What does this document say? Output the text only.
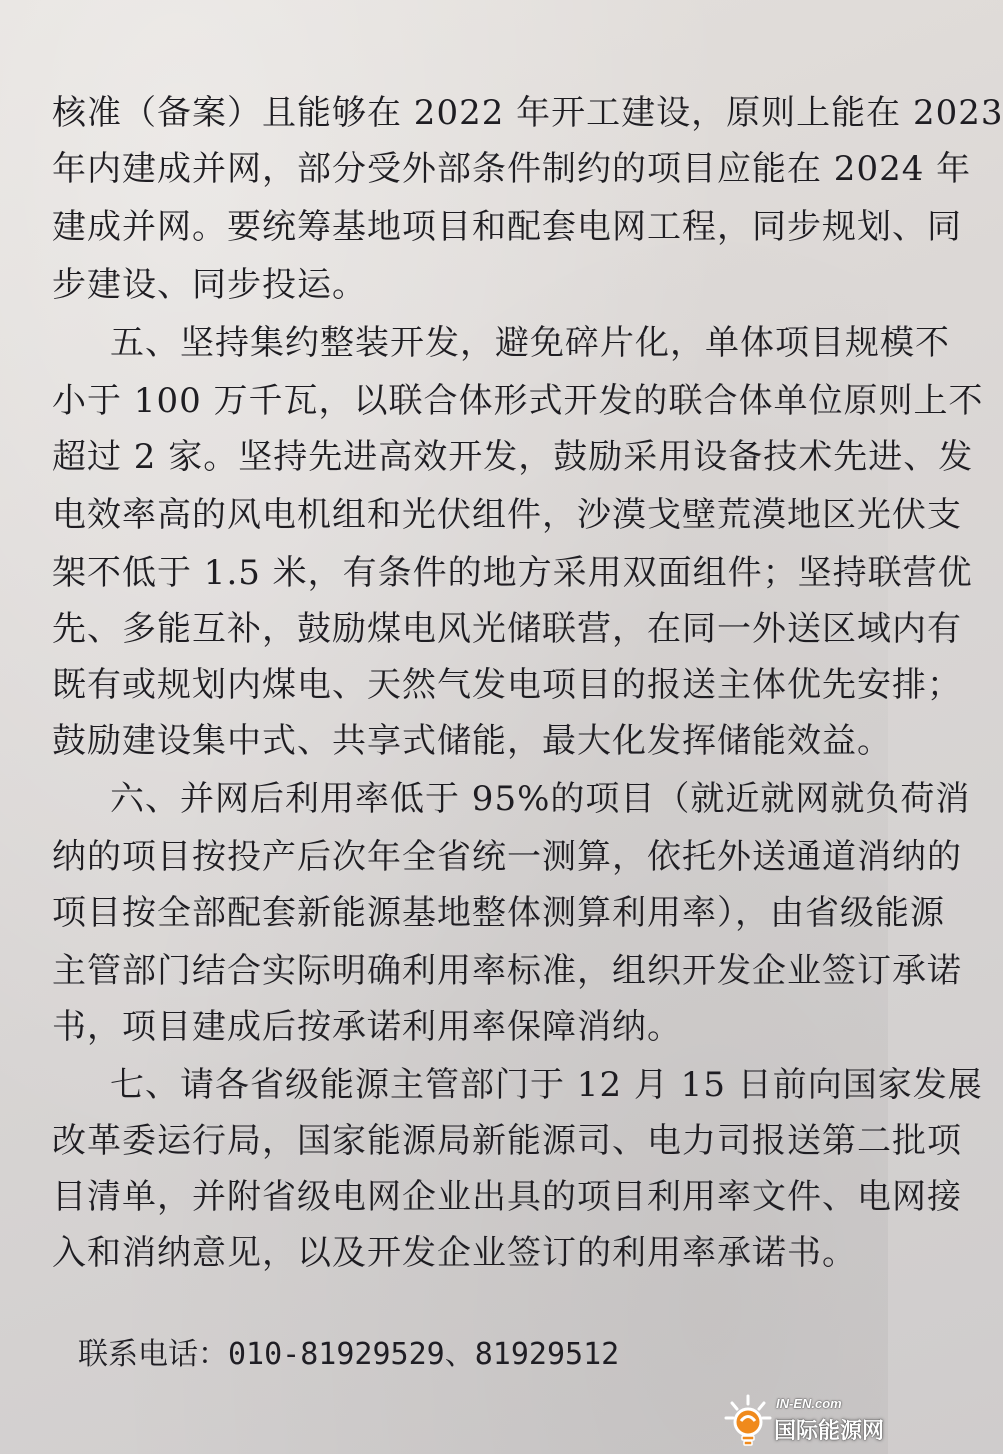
核准（备案）且能够在 2022 年开工建设，原则上能在 2023
年内建成并网，部分受外部条件制约的项目应能在 2024 年
建成并网。要统筹基地项目和配套电网工程，同步规划、同
步建设、同步投运。
五、坚持集约整装开发，避免碎片化，单体项目规模不
小于 100 万千瓦，以联合体形式开发的联合体单位原则上不
超过 2 家。坚持先进高效开发，鼓励采用设备技术先进、发
电效率高的风电机组和光伏组件，沙漠戈壁荒漠地区光伏支
架不低于 1.5 米，有条件的地方采用双面组件；坚持联营优
先、多能互补，鼓励煤电风光储联营，在同一外送区域内有
既有或规划内煤电、天然气发电项目的报送主体优先安排；
鼓励建设集中式、共享式储能，最大化发挥储能效益。
六、并网后利用率低于 95%的项目（就近就网就负荷消
纳的项目按投产后次年全省统一测算，依托外送通道消纳的
项目按全部配套新能源基地整体测算利用率），由省级能源
主管部门结合实际明确利用率标准，组织开发企业签订承诺
书，项目建成后按承诺利用率保障消纳。
七、请各省级能源主管部门于 12 月 15 日前向国家发展
改革委运行局，国家能源局新能源司、电力司报送第二批项
目清单，并附省级电网企业出具的项目利用率文件、电网接
入和消纳意见，以及开发企业签订的利用率承诺书。
联系电话：010-81929529、81929512
IN-EN.com
国际能源网
